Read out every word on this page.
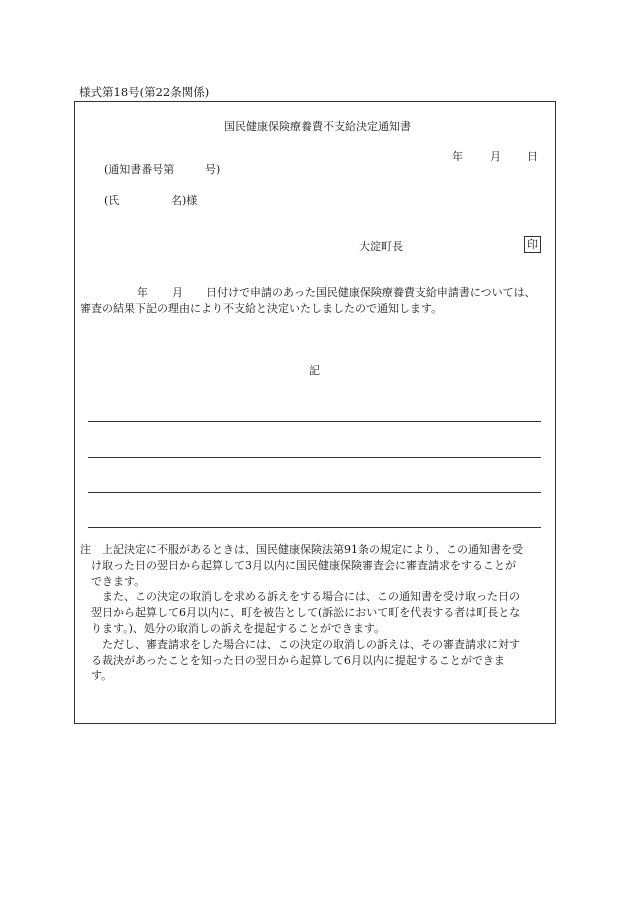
様式第18号(第22条関係)
国民健康保険療養費不支給決定通知書
年 月 日
(通知書番号第	号)
(氏	名)様
大淀町長	印
年 月 日付けで申請のあった国民健康保険療養費支給申請書については、
審査の結果下記の理由により不支給と決定いたしましたので通知します。
記
注　上記決定に不服があるときは、国民健康保険法第91条の規定により、この通知書を受
　け取った日の翌日から起算して3月以内に国民健康保険審査会に審査請求をすることが
　できます。
　　また、この決定の取消しを求める訴えをする場合には、この通知書を受け取った日の
　翌日から起算して6月以内に、町を被告として(訴訟において町を代表する者は町長とな
　ります。)、処分の取消しの訴えを提起することができます。
　　ただし、審査請求をした場合には、この決定の取消しの訴えは、その審査請求に対す
　る裁決があったことを知った日の翌日から起算して6月以内に提起することができま
　す。
